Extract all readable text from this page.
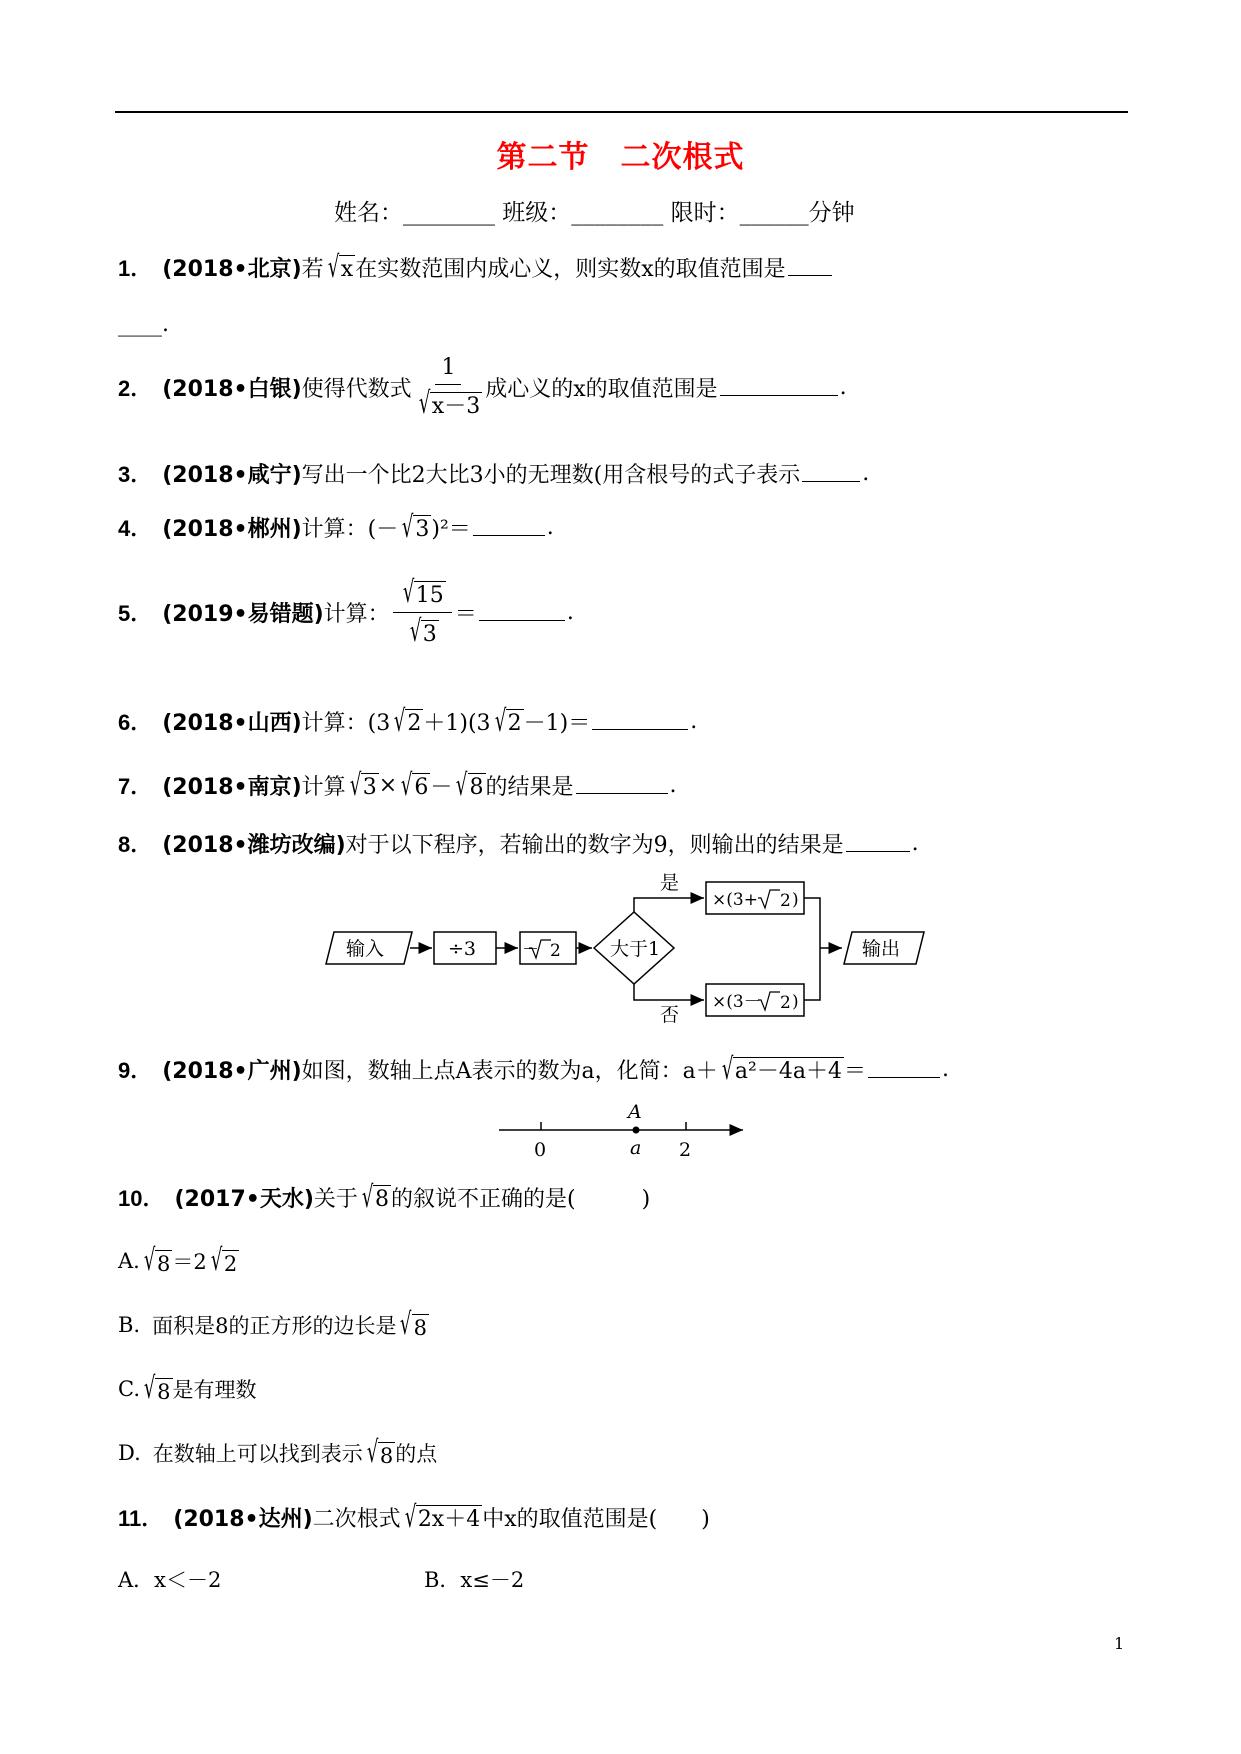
第二节　二次根式
姓名：________ 班级：________ 限时：______分钟
1． (2018•北京) 若 √ x 在实数范围内成心义，则实数x的取值范围是
____.
2． (2018•白银) 使得代数式 $\frac{1}{√ x-3}$ 成心义的x的取值范围是	.
3． (2018•咸宁) 写出一个比2大比3小的无理数(用含根号的式子表示	.
4． (2018•郴州) 计算：(－ √ 3 )²＝	.
5． (2019•易错题) 计算： $\frac{√ 15}{√ 3}$ ＝	.
6． (2018•山西) 计算：(3 √ 2 ＋1)(3 √ 2 －1)＝	.
7． (2018•南京) 计算 √ 3 × √ 6 － √ 8 的结果是	.
8． (2018•潍坊改编) 对于以下程序，若输出的数字为9，则输出的结果是	.
输入	÷3	－ 2	大于1
是
否
×(3+ 2 )
×(3－ 2 )
输出
9． (2018•广州) 如图，数轴上点A表示的数为a，化简：a＋ √ a²－4a＋4 ＝	.
A
0	a 2
10． (2017•天水) 关于 √ 8 的叙说不正确的是(　　　)
A. √ 8 ＝2 √ 2
B. 面积是8的正方形的边长是 √ 8
C. √ 8 是有理数
D. 在数轴上可以找到表示 √ 8 的点
11． (2018•达州) 二次根式 √ 2x＋4 中x的取值范围是(　　)
A．x＜－2	B．x≤－2
1
